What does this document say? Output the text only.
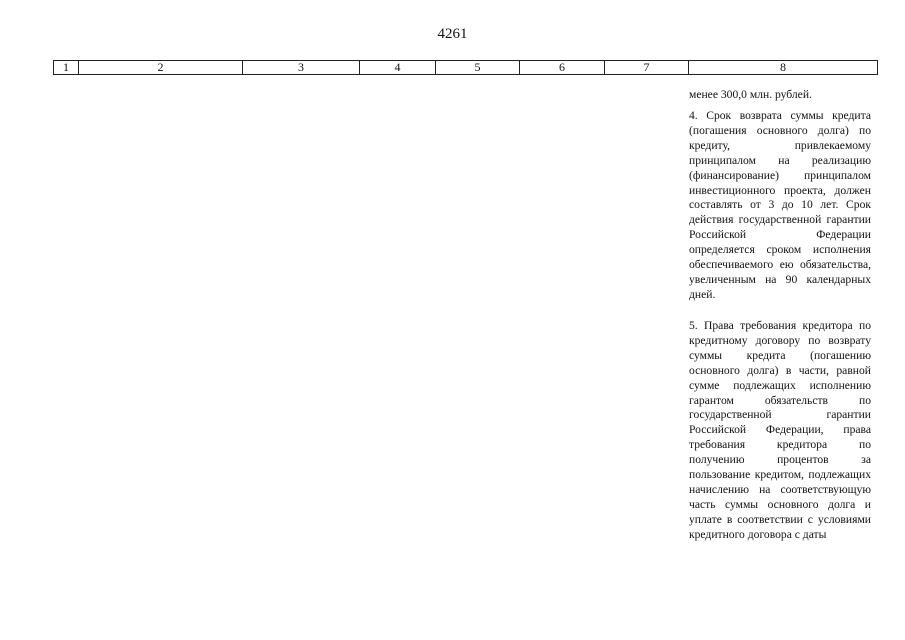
4261
1	2	3	4	5	6	7	8

менее 300,0 млн. рублей.

4. Срок возврата суммы кредита (погашения основного долга) по кредиту, привлекаемому принципалом на реализацию (финансирование) принципалом инвестиционного проекта, должен составлять от 3 до 10 лет. Срок действия государственной гарантии Российской Федерации определяется сроком исполнения обеспечиваемого ею обязательства, увеличенным на 90 календарных дней.

5. Права требования кредитора по кредитному договору по возврату суммы кредита (погашению основного долга) в части, равной сумме подлежащих исполнению гарантом обязательств по государственной гарантии Российской Федерации, права требования кредитора по получению процентов за пользование кредитом, подлежащих начислению на соответствующую часть суммы основного долга и уплате в соответствии с условиями кредитного договора с даты
